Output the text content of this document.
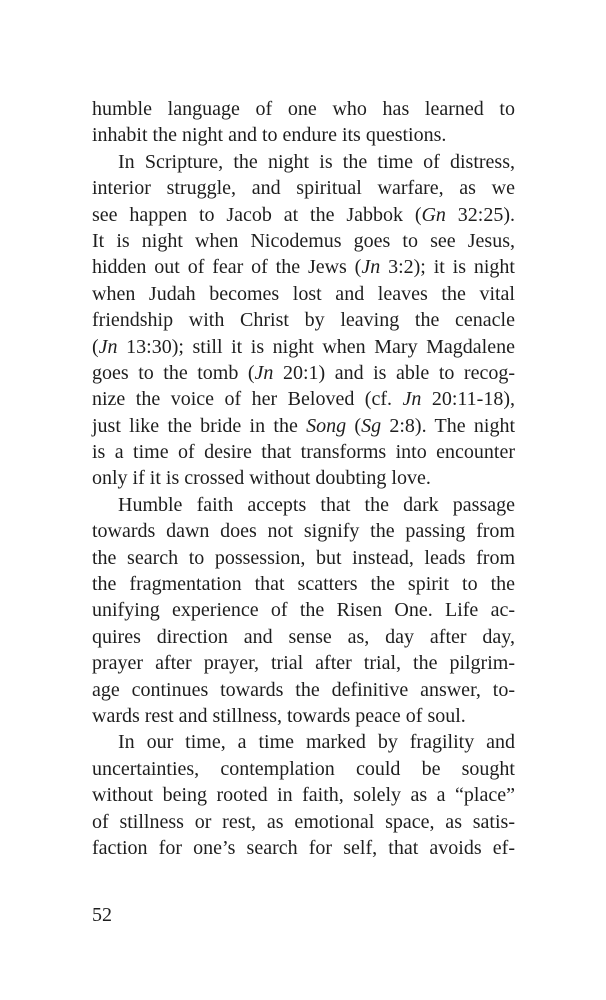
humble language of one who has learned to
inhabit the night and to endure its questions.
In Scripture, the night is the time of distress,
interior struggle, and spiritual warfare, as we
see happen to Jacob at the Jabbok (Gn 32:25).
It is night when Nicodemus goes to see Jesus,
hidden out of fear of the Jews (Jn 3:2); it is night
when Judah becomes lost and leaves the vital
friendship with Christ by leaving the cenacle
(Jn 13:30); still it is night when Mary Magdalene
goes to the tomb (Jn 20:1) and is able to recog-
nize the voice of her Beloved (cf. Jn 20:11-18),
just like the bride in the Song (Sg 2:8). The night
is a time of desire that transforms into encounter
only if it is crossed without doubting love.
Humble faith accepts that the dark passage
towards dawn does not signify the passing from
the search to possession, but instead, leads from
the fragmentation that scatters the spirit to the
unifying experience of the Risen One. Life ac-
quires direction and sense as, day after day,
prayer after prayer, trial after trial, the pilgrim-
age continues towards the definitive answer, to-
wards rest and stillness, towards peace of soul.
In our time, a time marked by fragility and
uncertainties, contemplation could be sought
without being rooted in faith, solely as a “place”
of stillness or rest, as emotional space, as satis-
faction for one’s search for self, that avoids ef-
52
